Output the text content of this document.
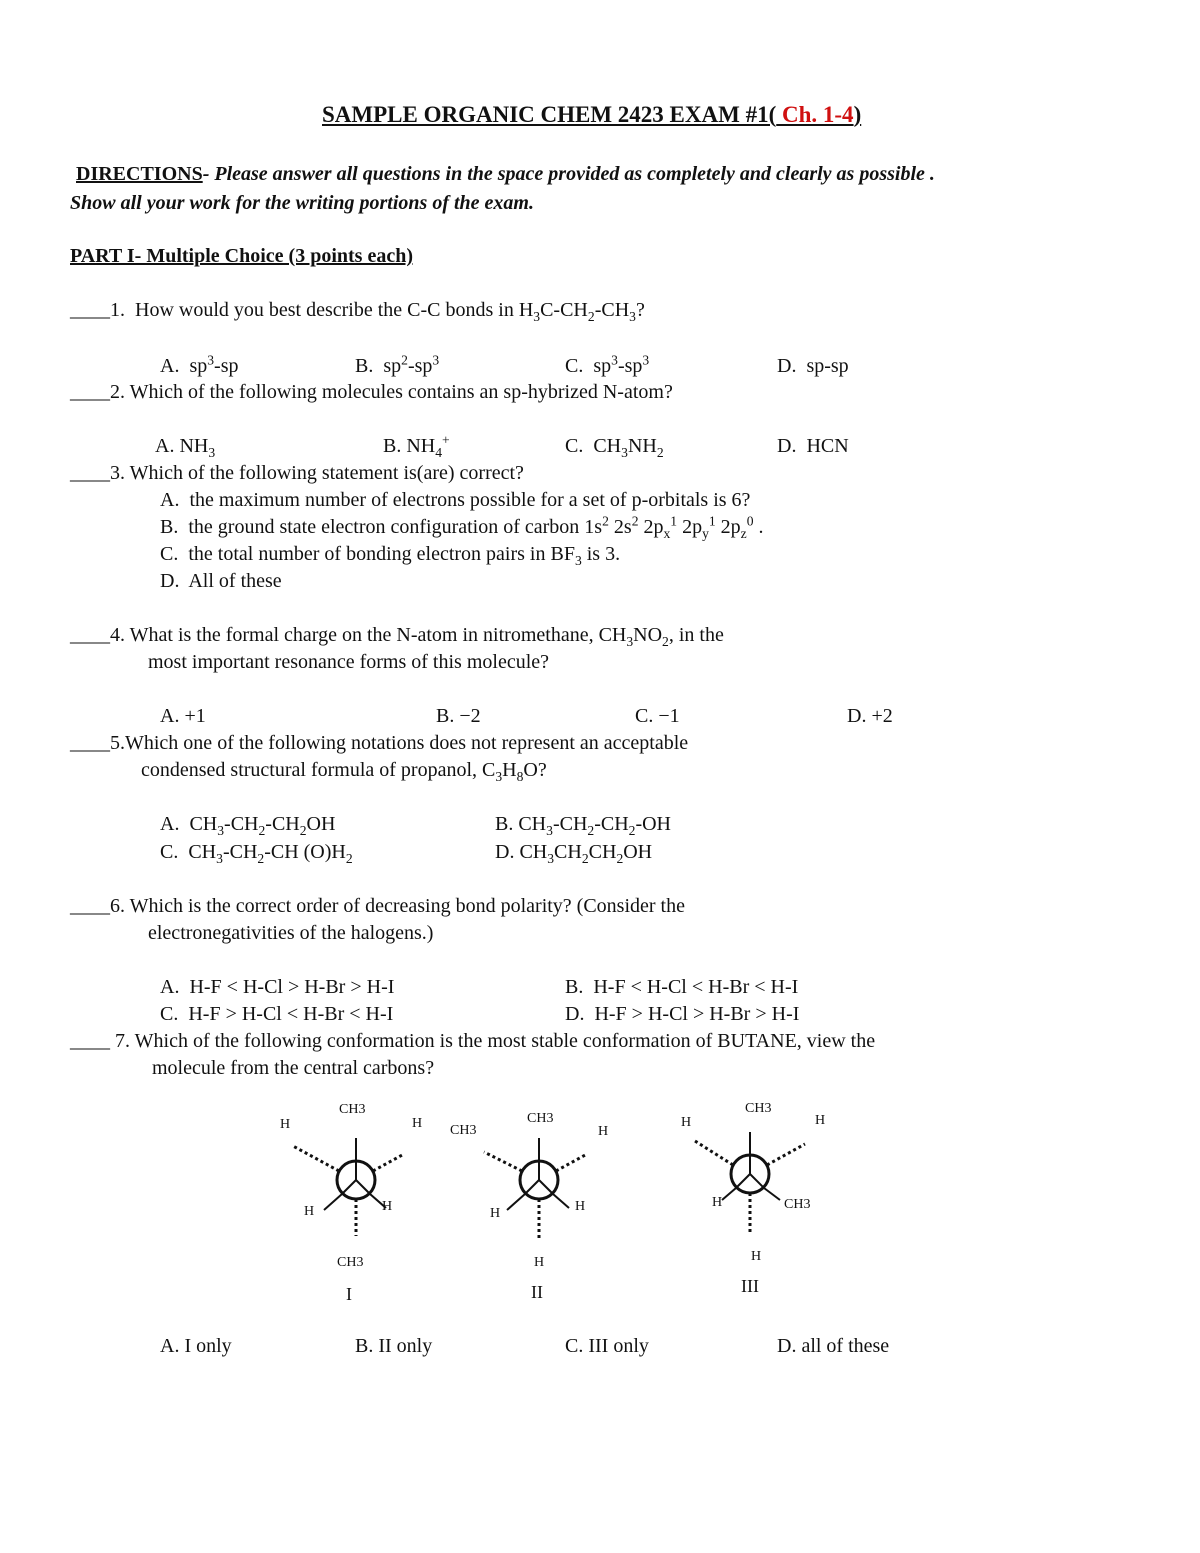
SAMPLE ORGANIC CHEM 2423 EXAM #1( Ch. 1-4)
DIRECTIONS- Please answer all questions in the space provided as completely and clearly as possible .
Show all your work for the writing portions of the exam.
PART I- Multiple Choice (3 points each)
____1. How would you best describe the C-C bonds in $H_3C-CH_2-CH_3$?
A. $sp^3-sp$	B. $sp^2-sp^3$	C. $sp^3-sp^3$	D. sp-sp
____2. Which of the following molecules contains an sp-hybrized N-atom?
A. $NH_3$	B. $NH_4^+$	C. $CH_3NH_2$	D. HCN
____3. Which of the following statement is(are) correct?
A. the maximum number of electrons possible for a set of p-orbitals is 6?
B. the ground state electron configuration of carbon $1s^2$ $2s^2$ $2p_x^1$ $2p_y^1$ $2p_z^0$ .
C. the total number of bonding electron pairs in $BF_3$ is 3.
D. All of these
____4. What is the formal charge on the N-atom in nitromethane, $CH_3NO_2$, in the
most important resonance forms of this molecule?
A. +1	B. −2	C. −1	D. +2
____5.Which one of the following notations does not represent an acceptable
condensed structural formula of propanol, $C_3H_8O$?
A. $CH_3-CH_2-CH_2OH$	B. $CH_3-CH_2-CH_2-OH$
C. $CH_3-CH_2-CH$ $(O)H_2$	D. $CH_3CH_2CH_2OH$
____6. Which is the correct order of decreasing bond polarity? (Consider the
electronegativities of the halogens.)
A. H-F < H-Cl > H-Br > H-I	B. H-F < H-Cl < H-Br < H-I
C. H-F > H-Cl < H-Br < H-I	D. H-F > H-Cl > H-Br > H-I
____ 7. Which of the following conformation is the most stable conformation of BUTANE, view the
molecule from the central carbons?
CH3
H	H
H	H
CH3
I
CH3
CH3	H
H	H
H
II
CH3
H	H
H	CH3
H
III
A. I only	B. II only	C. III only	D. all of these
